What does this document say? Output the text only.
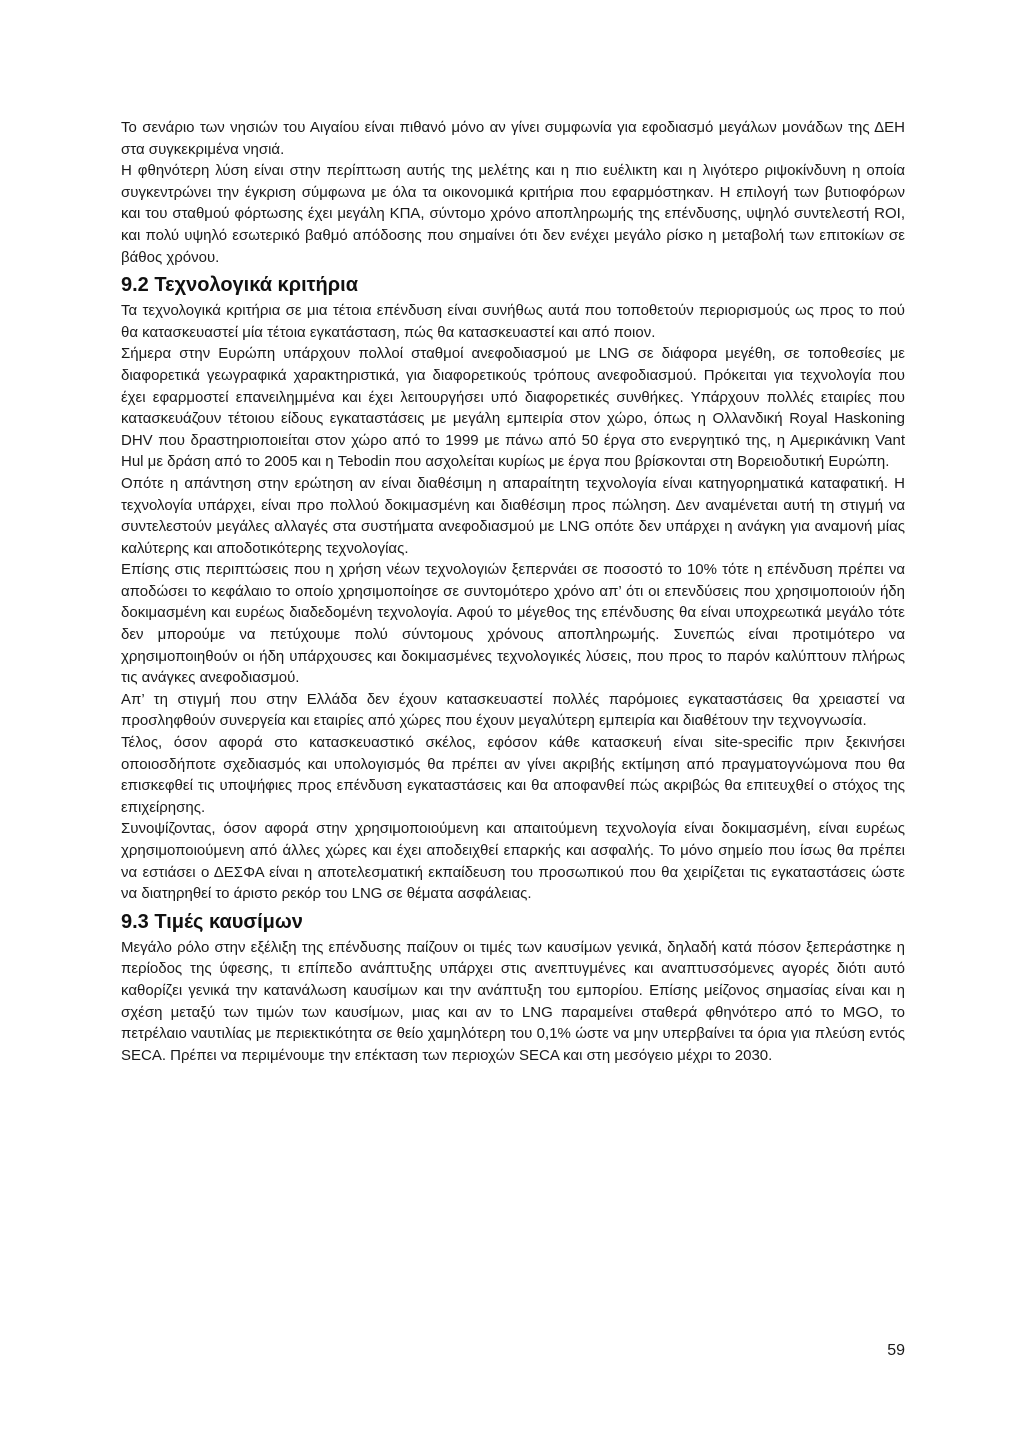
Το σενάριο των νησιών του Αιγαίου είναι πιθανό μόνο αν γίνει συμφωνία για εφοδιασμό μεγάλων μονάδων της ΔΕΗ στα συγκεκριμένα νησιά.

Η φθηνότερη λύση είναι στην περίπτωση αυτής της μελέτης και η πιο ευέλικτη και η λιγότερο ριψοκίνδυνη η οποία συγκεντρώνει την έγκριση σύμφωνα με όλα τα οικονομικά κριτήρια που εφαρμόστηκαν. Η επιλογή των βυτιοφόρων και του σταθμού φόρτωσης έχει μεγάλη ΚΠΑ, σύντομο χρόνο αποπληρωμής της επένδυσης, υψηλό συντελεστή ROI, και πολύ υψηλό εσωτερικό βαθμό απόδοσης που σημαίνει ότι δεν ενέχει μεγάλο ρίσκο η μεταβολή των επιτοκίων σε βάθος χρόνου.

9.2 Τεχνολογικά κριτήρια

Τα τεχνολογικά κριτήρια σε μια τέτοια επένδυση είναι συνήθως αυτά που τοποθετούν περιορισμούς ως προς το πού θα κατασκευαστεί μία τέτοια εγκατάσταση, πώς θα κατασκευαστεί και από ποιον.

Σήμερα στην Ευρώπη υπάρχουν πολλοί σταθμοί ανεφοδιασμού με LNG σε διάφορα μεγέθη, σε τοποθεσίες με διαφορετικά γεωγραφικά χαρακτηριστικά, για διαφορετικούς τρόπους ανεφοδιασμού. Πρόκειται για τεχνολογία που έχει εφαρμοστεί επανειλημμένα και έχει λειτουργήσει υπό διαφορετικές συνθήκες. Υπάρχουν πολλές εταιρίες που κατασκευάζουν τέτοιου είδους εγκαταστάσεις με μεγάλη εμπειρία στον χώρο, όπως η Ολλανδική Royal Haskoning DHV που δραστηριοποιείται στον χώρο από το 1999 με πάνω από 50 έργα στο ενεργητικό της, η Αμερικάνικη Vant Hul με δράση από το 2005 και η Tebodin που ασχολείται κυρίως με έργα που βρίσκονται στη Βορειοδυτική Ευρώπη.

Οπότε η απάντηση στην ερώτηση αν είναι διαθέσιμη η απαραίτητη τεχνολογία είναι κατηγορηματικά καταφατική. Η τεχνολογία υπάρχει, είναι προ πολλού δοκιμασμένη και διαθέσιμη προς πώληση. Δεν αναμένεται αυτή τη στιγμή να συντελεστούν μεγάλες αλλαγές στα συστήματα ανεφοδιασμού με LNG οπότε δεν υπάρχει η ανάγκη για αναμονή μίας καλύτερης και αποδοτικότερης τεχνολογίας.

Επίσης στις περιπτώσεις που η χρήση νέων τεχνολογιών ξεπερνάει σε ποσοστό το 10% τότε η επένδυση πρέπει να αποδώσει το κεφάλαιο το οποίο χρησιμοποίησε σε συντομότερο χρόνο απ’ ότι οι επενδύσεις που χρησιμοποιούν ήδη δοκιμασμένη και ευρέως διαδεδομένη τεχνολογία. Αφού το μέγεθος της επένδυσης θα είναι υποχρεωτικά μεγάλο τότε δεν μπορούμε να πετύχουμε πολύ σύντομους χρόνους αποπληρωμής. Συνεπώς είναι προτιμότερο να χρησιμοποιηθούν οι ήδη υπάρχουσες και δοκιμασμένες τεχνολογικές λύσεις, που προς το παρόν καλύπτουν πλήρως τις ανάγκες ανεφοδιασμού.

Απ’ τη στιγμή που στην Ελλάδα δεν έχουν κατασκευαστεί πολλές παρόμοιες εγκαταστάσεις θα χρειαστεί να προσληφθούν συνεργεία και εταιρίες από χώρες που έχουν μεγαλύτερη εμπειρία και διαθέτουν την τεχνογνωσία.

Τέλος, όσον αφορά στο κατασκευαστικό σκέλος, εφόσον κάθε κατασκευή είναι site-specific πριν ξεκινήσει οποιοσδήποτε σχεδιασμός και υπολογισμός θα πρέπει αν γίνει ακριβής εκτίμηση από πραγματογνώμονα που θα επισκεφθεί τις υποψήφιες προς επένδυση εγκαταστάσεις και θα αποφανθεί πώς ακριβώς θα επιτευχθεί ο στόχος της επιχείρησης.

Συνοψίζοντας, όσον αφορά στην χρησιμοποιούμενη και απαιτούμενη τεχνολογία είναι δοκιμασμένη, είναι ευρέως χρησιμοποιούμενη από άλλες χώρες και έχει αποδειχθεί επαρκής και ασφαλής. Το μόνο σημείο που ίσως θα πρέπει να εστιάσει ο ΔΕΣΦΑ είναι η αποτελεσματική εκπαίδευση του προσωπικού που θα χειρίζεται τις εγκαταστάσεις ώστε να διατηρηθεί το άριστο ρεκόρ του LNG σε θέματα ασφάλειας.

9.3 Τιμές καυσίμων

Μεγάλο ρόλο στην εξέλιξη της επένδυσης παίζουν οι τιμές των καυσίμων γενικά, δηλαδή κατά πόσον ξεπεράστηκε η περίοδος της ύφεσης, τι επίπεδο ανάπτυξης υπάρχει στις ανεπτυγμένες και αναπτυσσόμενες αγορές διότι αυτό καθορίζει γενικά την κατανάλωση καυσίμων και την ανάπτυξη του εμπορίου. Επίσης μείζονος σημασίας είναι και η σχέση μεταξύ των τιμών των καυσίμων, μιας και αν το LNG παραμείνει σταθερά φθηνότερο από το MGO, το πετρέλαιο ναυτιλίας με περιεκτικότητα σε θείο χαμηλότερη του 0,1% ώστε να μην υπερβαίνει τα όρια για πλεύση εντός SECA. Πρέπει να περιμένουμε την επέκταση των περιοχών SECA και στη μεσόγειο μέχρι το 2030.

59
